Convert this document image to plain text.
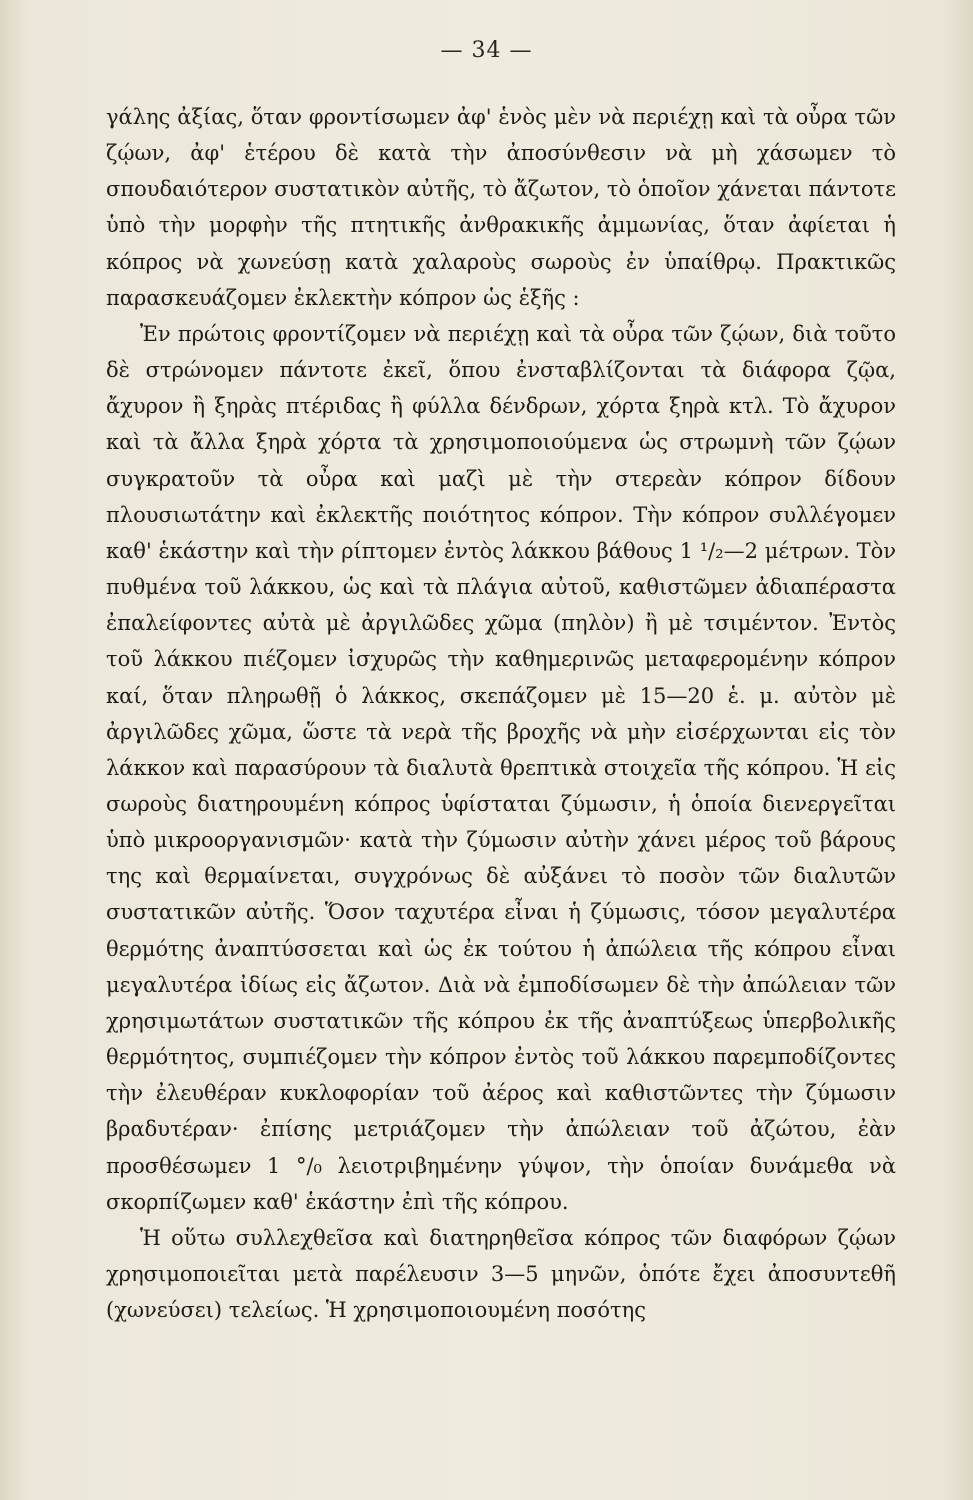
— 34 —

γάλης ἀξίας, ὅταν φροντίσωμεν ἀφ' ἑνὸς μὲν νὰ περιέχῃ καὶ τὰ οὖρα τῶν ζῴων, ἀφ' ἑτέρου δὲ κατὰ τὴν ἀποσύνθεσιν νὰ μὴ χάσωμεν τὸ σπουδαιότερον συστατικὸν αὐτῆς, τὸ ἄζωτον, τὸ ὁποῖον χάνεται πάντοτε ὑπὸ τὴν μορφὴν τῆς πτητικῆς ἀνθρακικῆς ἀμμωνίας, ὅταν ἀφίεται ἡ κόπρος νὰ χωνεύσῃ κατὰ χαλαροὺς σωροὺς ἐν ὑπαίθρῳ. Πρακτικῶς παρασκευάζομεν ἐκλεκτὴν κόπρον ὡς ἑξῆς :

Ἐν πρώτοις φροντίζομεν νὰ περιέχῃ καὶ τὰ οὖρα τῶν ζῴων, διὰ τοῦτο δὲ στρώνομεν πάντοτε ἐκεῖ, ὅπου ἐνσταβλίζονται τὰ διάφορα ζῷα, ἄχυρον ἢ ξηρὰς πτέριδας ἢ φύλλα δένδρων, χόρτα ξηρὰ κτλ. Τὸ ἄχυρον καὶ τὰ ἄλλα ξηρὰ χόρτα τὰ χρησιμοποιούμενα ὡς στρωμνὴ τῶν ζῴων συγκρατοῦν τὰ οὖρα καὶ μαζὶ μὲ τὴν στερεὰν κόπρον δίδουν πλουσιωτάτην καὶ ἐκλεκτῆς ποιότητος κόπρον. Τὴν κόπρον συλλέγομεν καθ' ἑκάστην καὶ τὴν ρίπτομεν ἐντὸς λάκκου βάθους 1 ¹/₂—2 μέτρων. Τὸν πυθμένα τοῦ λάκκου, ὡς καὶ τὰ πλάγια αὐτοῦ, καθιστῶμεν ἀδιαπέραστα ἐπαλείφοντες αὐτὰ μὲ ἀργιλῶδες χῶμα (πηλὸν) ἢ μὲ τσιμέντον. Ἐντὸς τοῦ λάκκου πιέζομεν ἰσχυρῶς τὴν καθημερινῶς μεταφερομένην κόπρον καί, ὅταν πληρωθῇ ὁ λάκκος, σκεπάζομεν μὲ 15—20 ἑ. μ. αὐτὸν μὲ ἀργιλῶδες χῶμα, ὥστε τὰ νερὰ τῆς βροχῆς νὰ μὴν εἰσέρχωνται εἰς τὸν λάκκον καὶ παρασύρουν τὰ διαλυτὰ θρεπτικὰ στοιχεῖα τῆς κόπρου. Ἡ εἰς σωροὺς διατηρουμένη κόπρος ὑφίσταται ζύμωσιν, ἡ ὁποία διενεργεῖται ὑπὸ μικροοργανισμῶν· κατὰ τὴν ζύμωσιν αὐτὴν χάνει μέρος τοῦ βάρους της καὶ θερμαίνεται, συγχρόνως δὲ αὐξάνει τὸ ποσὸν τῶν διαλυτῶν συστατικῶν αὐτῆς. Ὅσον ταχυτέρα εἶναι ἡ ζύμωσις, τόσον μεγαλυτέρα θερμότης ἀναπτύσσεται καὶ ὡς ἐκ τούτου ἡ ἀπώλεια τῆς κόπρου εἶναι μεγαλυτέρα ἰδίως εἰς ἄζωτον. Διὰ νὰ ἐμποδίσωμεν δὲ τὴν ἀπώλειαν τῶν χρησιμωτάτων συστατικῶν τῆς κόπρου ἐκ τῆς ἀναπτύξεως ὑπερβολικῆς θερμότητος, συμπιέζομεν τὴν κόπρον ἐντὸς τοῦ λάκκου παρεμποδίζοντες τὴν ἐλευθέραν κυκλοφορίαν τοῦ ἀέρος καὶ καθιστῶντες τὴν ζύμωσιν βραδυτέραν· ἐπίσης μετριάζομεν τὴν ἀπώλειαν τοῦ ἀζώτου, ἐὰν προσθέσωμεν 1 °/₀ λειοτριβημένην γύψον, τὴν ὁποίαν δυνάμεθα νὰ σκορπίζωμεν καθ' ἑκάστην ἐπὶ τῆς κόπρου.

Ἡ οὕτω συλλεχθεῖσα καὶ διατηρηθεῖσα κόπρος τῶν διαφόρων ζῴων χρησιμοποιεῖται μετὰ παρέλευσιν 3—5 μηνῶν, ὁπότε ἔχει ἀποσυντεθῆ (χωνεύσει) τελείως. Ἡ χρησιμοποιουμένη ποσότης
